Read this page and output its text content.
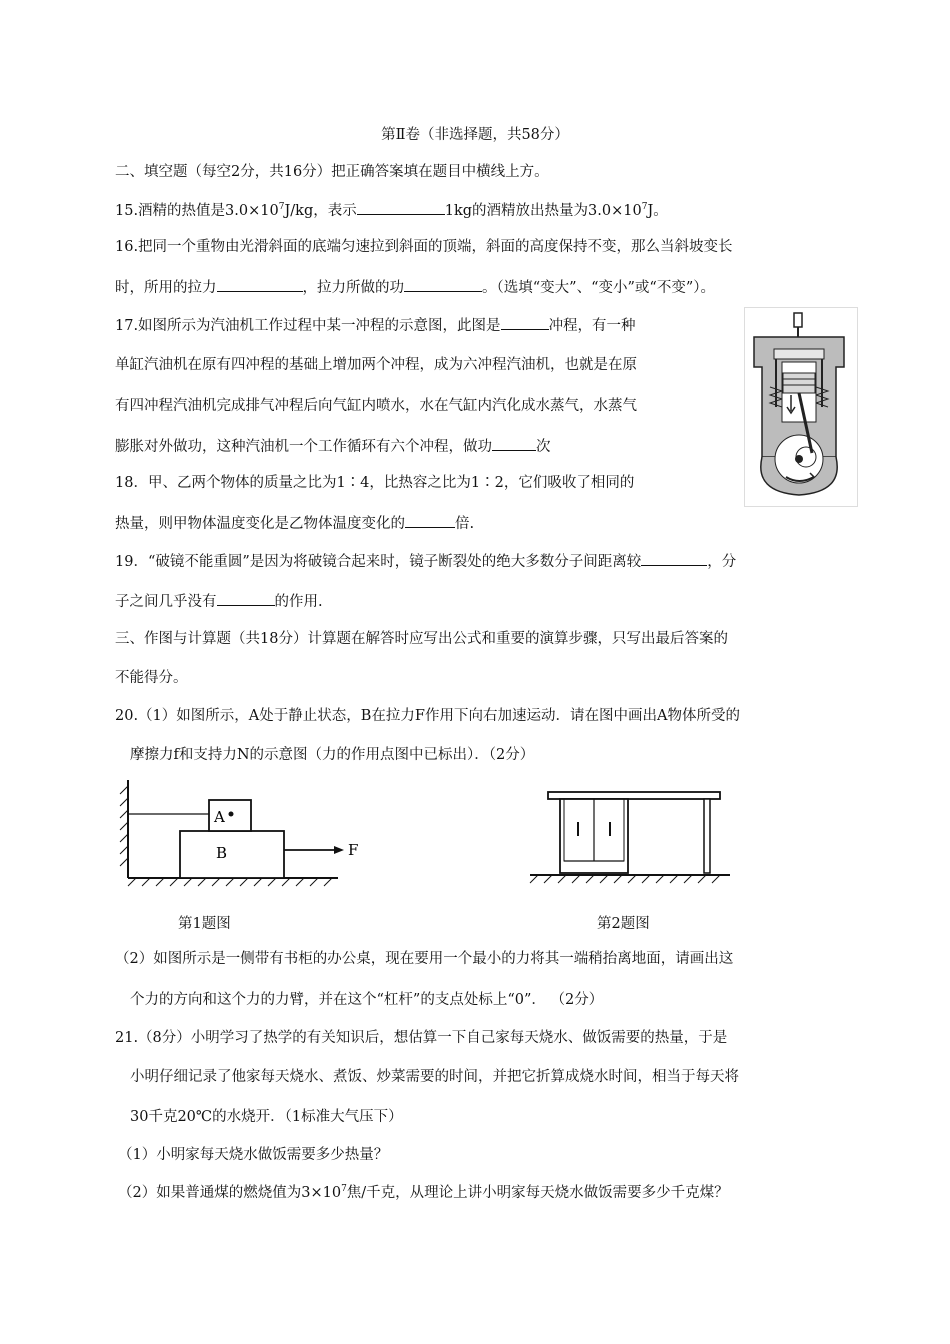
第Ⅱ卷（非选择题，共58分）
二、填空题（每空2分，共16分）把正确答案填在题目中横线上方。
15.酒精的热值是$3.0\times 10^7J/kg$，表示	1kg的酒精放出热量为$3.0\times 10^7J$。
16.把同一个重物由光滑斜面的底端匀速拉到斜面的顶端，斜面的高度保持不变，那么当斜坡变长
时，所用的拉力	，拉力所做的功	。（选填“变大”、“变小”或“不变”）。
17.如图所示为汽油机工作过程中某一冲程的示意图，此图是	冲程，有一种
单缸汽油机在原有四冲程的基础上增加两个冲程，成为六冲程汽油机，也就是在原
有四冲程汽油机完成排气冲程后向气缸内喷水，水在气缸内汽化成水蒸气，水蒸气
膨胀对外做功，这种汽油机一个工作循环有六个冲程，做功	次
18．甲、乙两个物体的质量之比为1∶4，比热容之比为1∶2，它们吸收了相同的
热量，则甲物体温度变化是乙物体温度变化的	倍.
19．“破镜不能重圆”是因为将破镜合起来时，镜子断裂处的绝大多数分子间距离较	，分
子之间几乎没有	的作用.
三、作图与计算题（共18分）计算题在解答时应写出公式和重要的演算步骤，只写出最后答案的
不能得分。
20.（1）如图所示，A处于静止状态，B在拉力F作用下向右加速运动．请在图中画出A物体所受的
摩擦力f和支持力N的示意图（力的作用点图中已标出）．（2分）
A
B	F
第1题图	第2题图
（2）如图所示是一侧带有书柜的办公桌，现在要用一个最小的力将其一端稍抬离地面，请画出这
个力的方向和这个力的力臂，并在这个“杠杆”的支点处标上“0”． （2分）
21.（8分）小明学习了热学的有关知识后，想估算一下自己家每天烧水、做饭需要的热量，于是
小明仔细记录了他家每天烧水、煮饭、炒菜需要的时间，并把它折算成烧水时间，相当于每天将
30千克20℃的水烧开．（1标准大气压下）
（1）小明家每天烧水做饭需要多少热量？
（2）如果普通煤的燃烧值为$3\times 10^7$焦/千克，从理论上讲小明家每天烧水做饭需要多少千克煤？
